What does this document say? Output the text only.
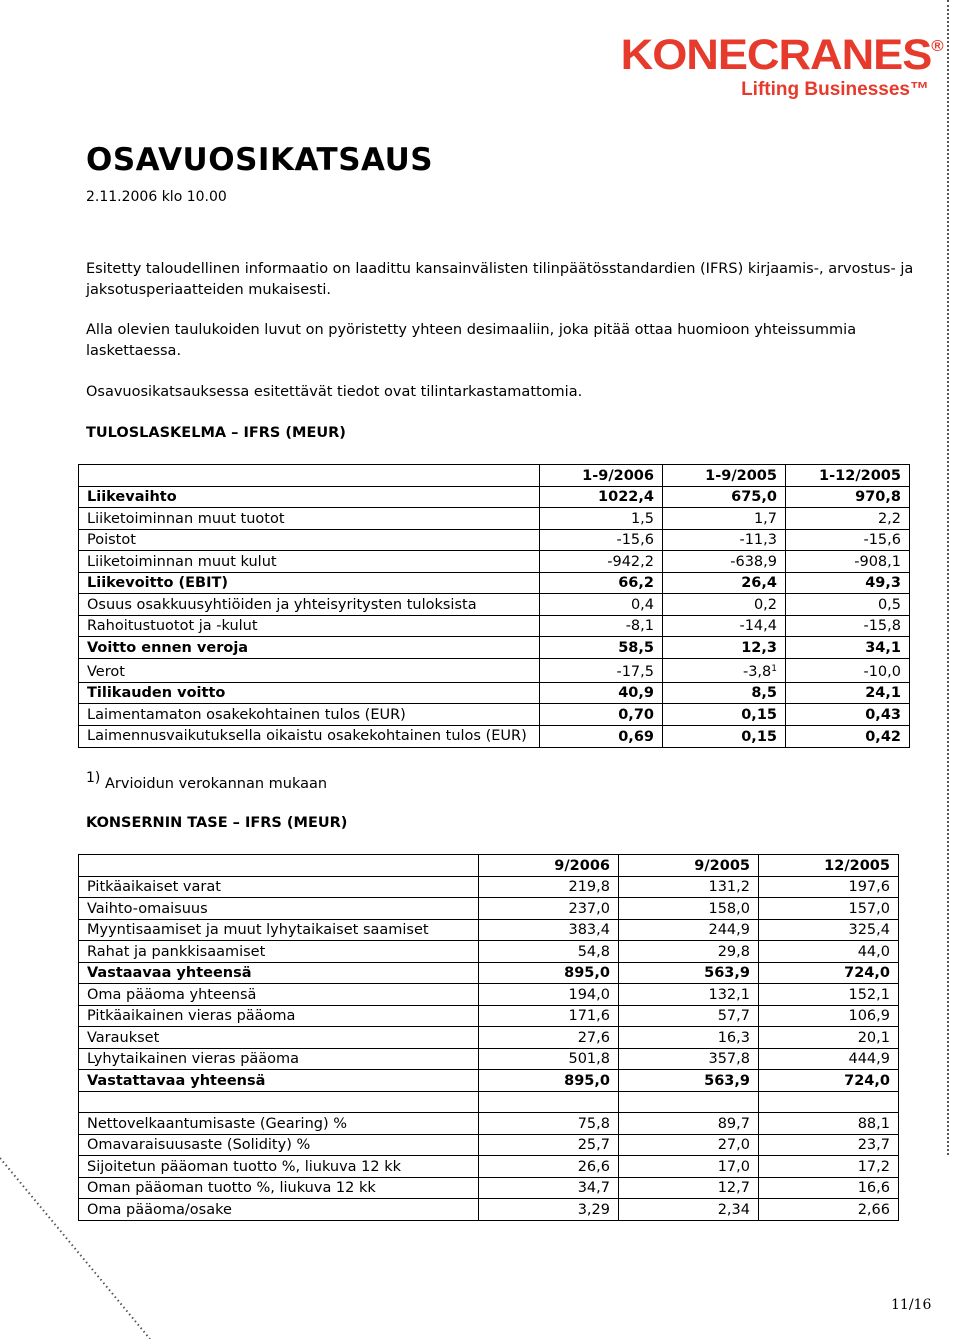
KONECRANES®
Lifting Businesses™
OSAVUOSIKATSAUS
2.11.2006 klo 10.00

Esitetty taloudellinen informaatio on laadittu kansainvälisten tilinpäätösstandardien (IFRS) kirjaamis-, arvostus- ja jaksotusperiaatteiden mukaisesti.

Alla olevien taulukoiden luvut on pyöristetty yhteen desimaaliin, joka pitää ottaa huomioon yhteissummia laskettaessa.

Osavuosikatsauksessa esitettävät tiedot ovat tilintarkastamattomia.

TULOSLASKELMA – IFRS (MEUR)
	1-9/2006	1-9/2005	1-12/2005
Liikevaihto	1022,4	675,0	970,8
Liiketoiminnan muut tuotot	1,5	1,7	2,2
Poistot	-15,6	-11,3	-15,6
Liiketoiminnan muut kulut	-942,2	-638,9	-908,1
Liikevoitto (EBIT)	66,2	26,4	49,3
Osuus osakkuusyhtiöiden ja yhteisyritysten tuloksista	0,4	0,2	0,5
Rahoitustuotot ja -kulut	-8,1	-14,4	-15,8
Voitto ennen veroja	58,5	12,3	34,1
Verot	-17,5	$-3,8^1$	-10,0
Tilikauden voitto	40,9	8,5	24,1
Laimentamaton osakekohtainen tulos (EUR)	0,70	0,15	0,43
Laimennusvaikutuksella oikaistu osakekohtainen tulos (EUR)	0,69	0,15	0,42
$^{1)}$ Arvioidun verokannan mukaan
KONSERNIN TASE – IFRS (MEUR)
	9/2006	9/2005	12/2005
Pitkäaikaiset varat	219,8	131,2	197,6
Vaihto-omaisuus	237,0	158,0	157,0
Myyntisaamiset ja muut lyhytaikaiset saamiset	383,4	244,9	325,4
Rahat ja pankkisaamiset	54,8	29,8	44,0
Vastaavaa yhteensä	895,0	563,9	724,0
Oma pääoma yhteensä	194,0	132,1	152,1
Pitkäaikainen vieras pääoma	171,6	57,7	106,9
Varaukset	27,6	16,3	20,1
Lyhytaikainen vieras pääoma	501,8	357,8	444,9
Vastattavaa yhteensä	895,0	563,9	724,0

Nettovelkaantumisaste (Gearing) %	75,8	89,7	88,1
Omavaraisuusaste (Solidity) %	25,7	27,0	23,7
Sijoitetun pääoman tuotto %, liukuva 12 kk	26,6	17,0	17,2
Oman pääoman tuotto %, liukuva 12 kk	34,7	12,7	16,6
Oma pääoma/osake	3,29	2,34	2,66
11/16
